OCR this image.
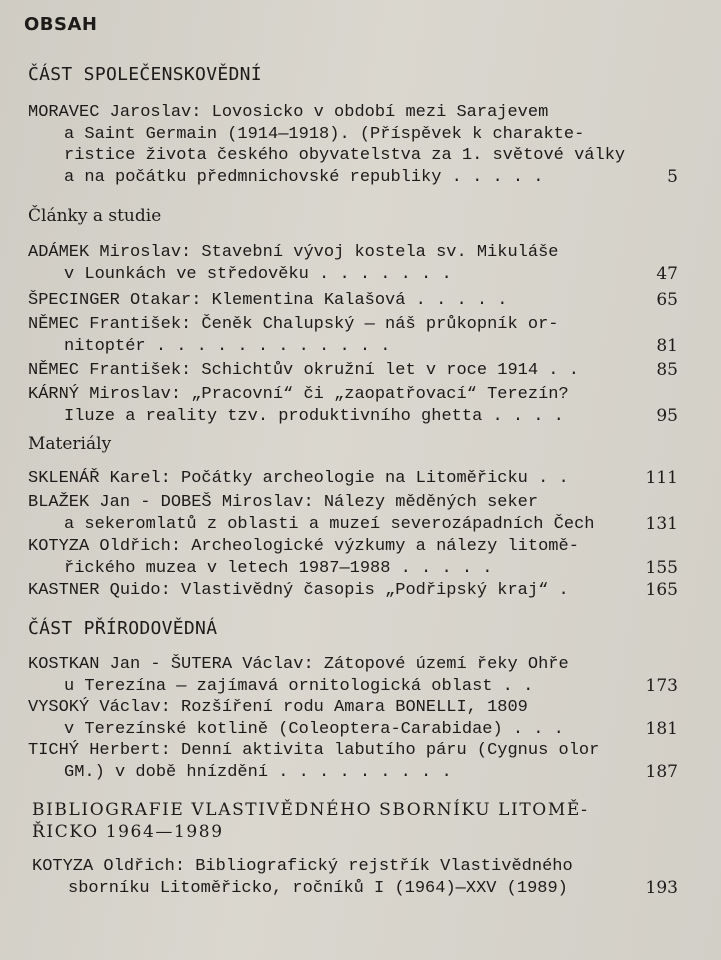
OBSAH
ČÁST SPOLEČENSKOVĚDNÍ
MORAVEC Jaroslav: Lovosicko v období mezi Sarajevem
a Saint Germain (1914—1918). (Příspěvek k charakte-
ristice života českého obyvatelstva za 1. světové války
a na počátku předmnichovské republiky . . . . .	5
Články a studie
ADÁMEK Miroslav: Stavební vývoj kostela sv. Mikuláše
v Lounkách ve středověku . . . . . . .	47
ŠPECINGER Otakar: Klementina Kalašová . . . . .	65
NĚMEC František: Čeněk Chalupský — náš průkopník or-
nitoptér . . . . . . . . . . . .	81
NĚMEC František: Schichtův okružní let v roce 1914 . .	85
KÁRNÝ Miroslav: „Pracovní“ či „zaopatřovací“ Terezín?
Iluze a reality tzv. produktivního ghetta . . . .	95
Materiály
SKLENÁŘ Karel: Počátky archeologie na Litoměřicku . .	111
BLAŽEK Jan - DOBEŠ Miroslav: Nálezy měděných seker
a sekeromlatů z oblasti a muzeí severozápadních Čech	131
KOTYZA Oldřich: Archeologické výzkumy a nálezy litomě-
řického muzea v letech 1987—1988 . . . . .	155
KASTNER Quido: Vlastivědný časopis „Podřipský kraj“ .	165
ČÁST PŘÍRODOVĚDNÁ
KOSTKAN Jan - ŠUTERA Václav: Zátopové území řeky Ohře
u Terezína — zajímavá ornitologická oblast . .	173
VYSOKÝ Václav: Rozšíření rodu Amara BONELLI, 1809
v Terezínské kotlině (Coleoptera-Carabidae) . . .	181
TICHÝ Herbert: Denní aktivita labutího páru (Cygnus olor
GM.) v době hnízdění . . . . . . . . .	187
BIBLIOGRAFIE VLASTIVĚDNÉHO SBORNÍKU LITOMĚ-
ŘICKO 1964—1989
KOTYZA Oldřich: Bibliografický rejstřík Vlastivědného
sborníku Litoměřicko, ročníků I (1964)—XXV (1989)	193
